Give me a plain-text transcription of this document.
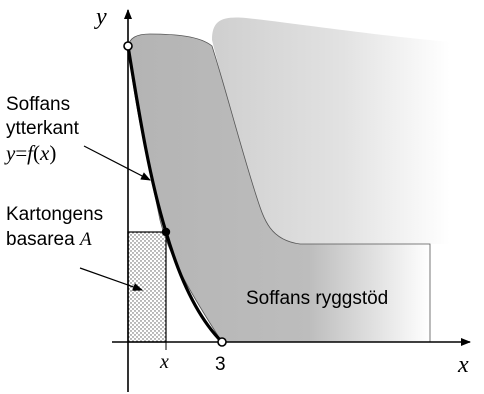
y
x
x 3
Soffans
ytterkant
y=f(x)
Kartongens
basarea A
Soffans ryggstöd
